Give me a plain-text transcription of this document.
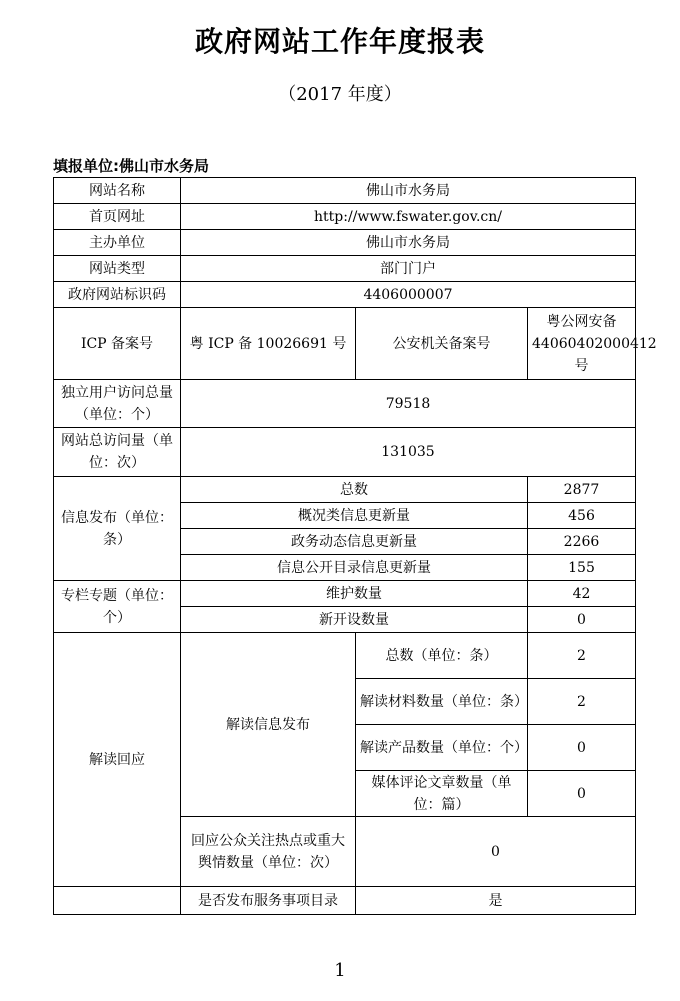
政府网站工作年度报表
（2017 年度）
填报单位:佛山市水务局
网站名称	佛山市水务局		
首页网址	http://www.fswater.gov.cn/		
主办单位	佛山市水务局		
网站类型	部门门户		
政府网站标识码	4406000007		
ICP 备案号	粤 ICP 备 10026691 号	公安机关备案号	粤公网安备44060402000412 号
独立用户访问总量（单位：个）	79518		
网站总访问量（单位：次）	131035		
信息发布（单位：条）	总数		2877
	概况类信息更新量		456
	政务动态信息更新量		2266
	信息公开目录信息更新量		155
专栏专题（单位：个）	维护数量		42
	新开设数量		0
解读回应	解读信息发布	总数（单位：条）	2
		解读材料数量（单位：条）	2
		解读产品数量（单位：个）	0
		媒体评论文章数量（单位：篇）	0
	回应公众关注热点或重大舆情数量（单位：次）	0	
	是否发布服务事项目录	是	
1
